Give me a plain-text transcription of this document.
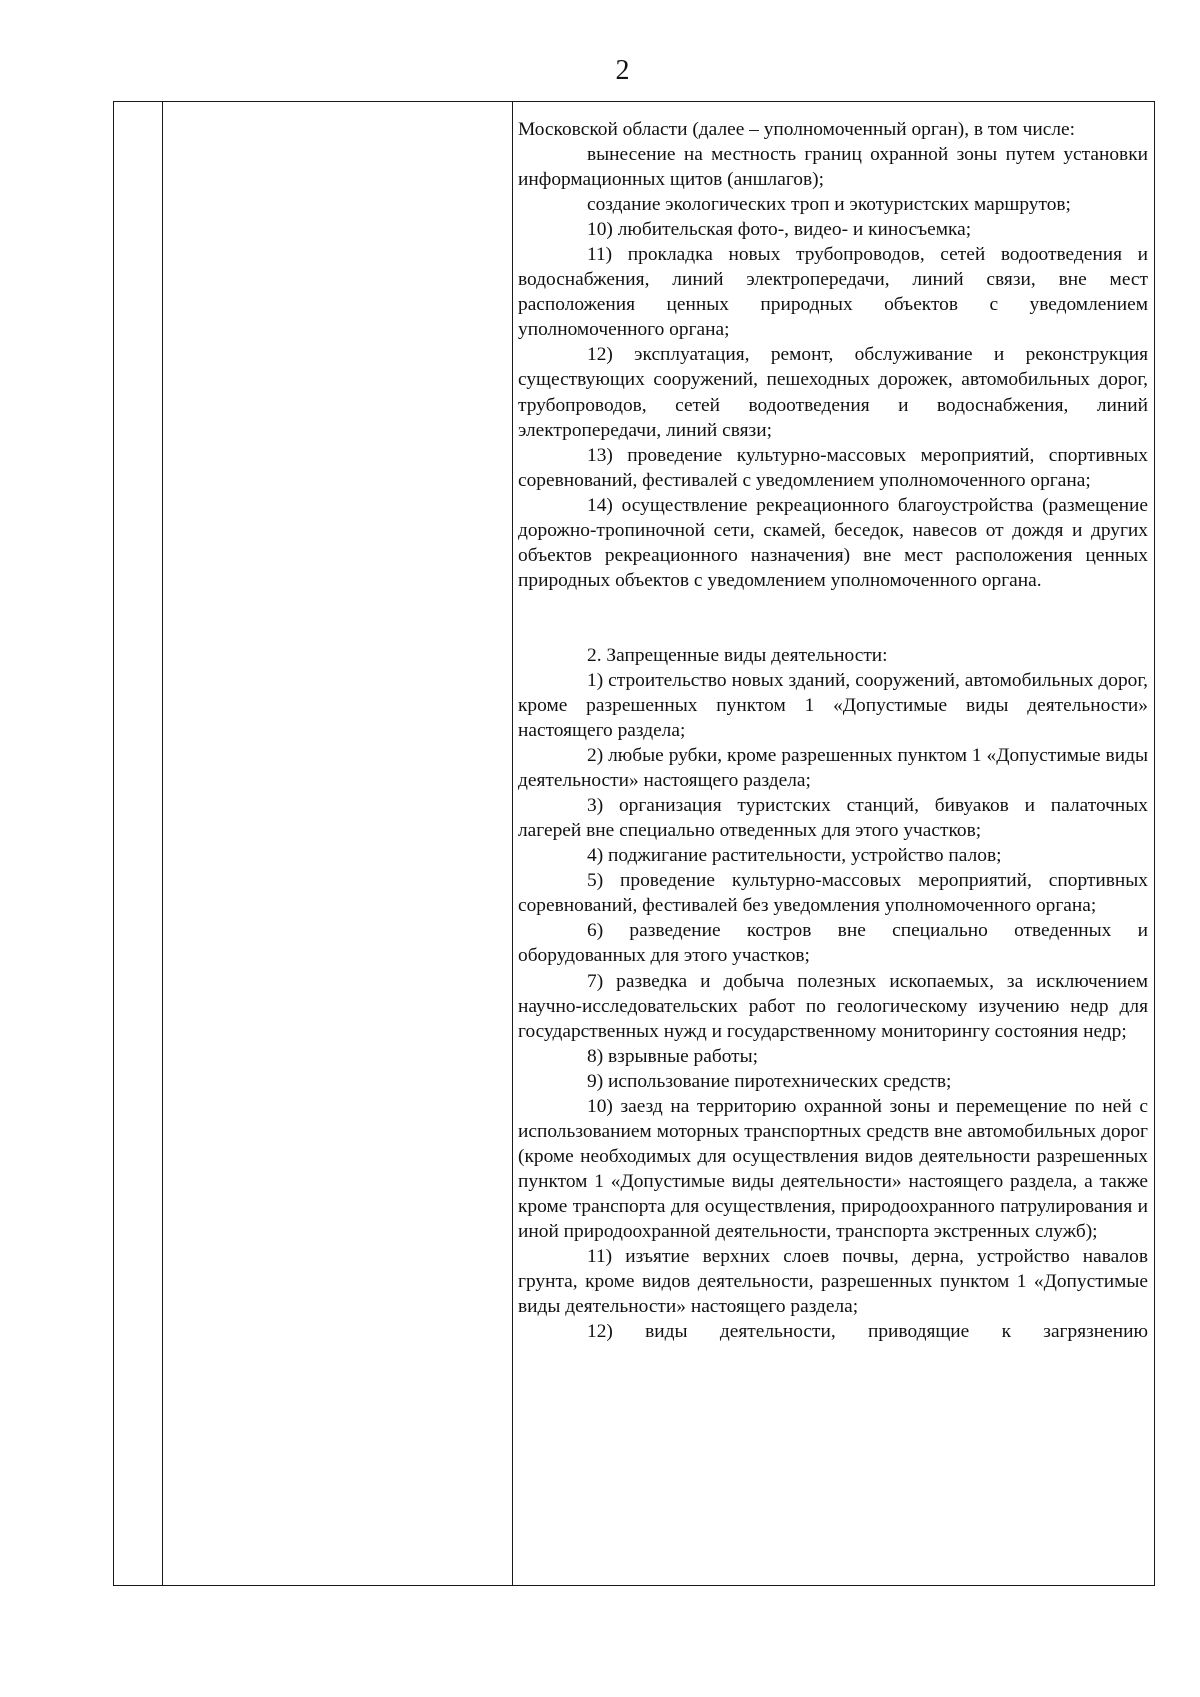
2

Московской области (далее – уполномоченный орган), в том числе:

вынесение на местность границ охранной зоны путем установки информационных щитов (аншлагов);

создание экологических троп и экотуристских маршрутов;

10) любительская фото-, видео- и киносъемка;

11) прокладка новых трубопроводов, сетей водоотведения и водоснабжения, линий электропередачи, линий связи, вне мест расположения ценных природных объектов с уведомлением уполномоченного органа;

12) эксплуатация, ремонт, обслуживание и реконструкция существующих сооружений, пешеходных дорожек, автомобильных дорог, трубопроводов, сетей водоотведения и водоснабжения, линий электропередачи, линий связи;

13) проведение культурно-массовых мероприятий, спортивных соревнований, фестивалей с уведомлением уполномоченного органа;

14) осуществление рекреационного благоустройства (размещение дорожно-тропиночной сети, скамей, беседок, навесов от дождя и других объектов рекреационного назначения) вне мест расположения ценных природных объектов с уведомлением уполномоченного органа.

2. Запрещенные виды деятельности:

1) строительство новых зданий, сооружений, автомобильных дорог, кроме разрешенных пунктом 1 «Допустимые виды деятельности» настоящего раздела;

2) любые рубки, кроме разрешенных пунктом 1 «Допустимые виды деятельности» настоящего раздела;

3) организация туристских станций, бивуаков и палаточных лагерей вне специально отведенных для этого участков;

4) поджигание растительности, устройство палов;

5) проведение культурно-массовых мероприятий, спортивных соревнований, фестивалей без уведомления уполномоченного органа;

6) разведение костров вне специально отведенных и оборудованных для этого участков;

7) разведка и добыча полезных ископаемых, за исключением научно-исследовательских работ по геологическому изучению недр для государственных нужд и государственному мониторингу состояния недр;

8) взрывные работы;

9) использование пиротехнических средств;

10) заезд на территорию охранной зоны и перемещение по ней с использованием моторных транспортных средств вне автомобильных дорог (кроме необходимых для осуществления видов деятельности разрешенных пунктом 1 «Допустимые виды деятельности» настоящего раздела, а также кроме транспорта для осуществления, природоохранного патрулирования и иной природоохранной деятельности, транспорта экстренных служб);

11) изъятие верхних слоев почвы, дерна, устройство навалов грунта, кроме видов деятельности, разрешенных пунктом 1 «Допустимые виды деятельности» настоящего раздела;

12) виды деятельности, приводящие к загрязнению
